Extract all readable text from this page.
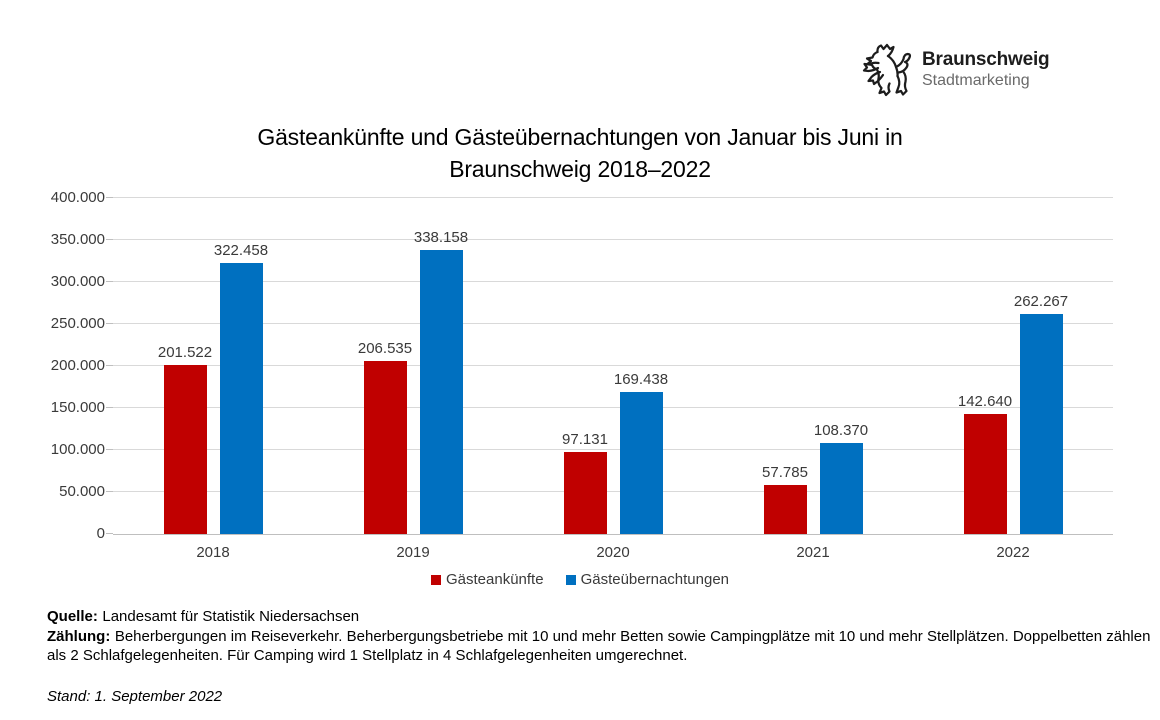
Braunschweig
Stadtmarketing
Gästeankünfte und Gästeübernachtungen von Januar bis Juni in
Braunschweig 2018–2022
0
50.000
100.000
150.000
200.000
250.000
300.000
350.000
400.000
201.522
322.458
2018
206.535
338.158
2019
97.131
169.438
2020
57.785
108.370
2021
142.640
262.267
2022
Gästeankünfte Gästeübernachtungen

Quelle: Landesamt für Statistik Niedersachsen

Zählung: Beherbergungen im Reiseverkehr. Beherbergungsbetriebe mit 10 und mehr Betten sowie Campingplätze mit 10 und mehr Stellplätzen. Doppelbetten zählen als 2 Schlafgelegenheiten. Für Camping wird 1 Stellplatz in 4 Schlafgelegenheiten umgerechnet.

Stand: 1. September 2022
